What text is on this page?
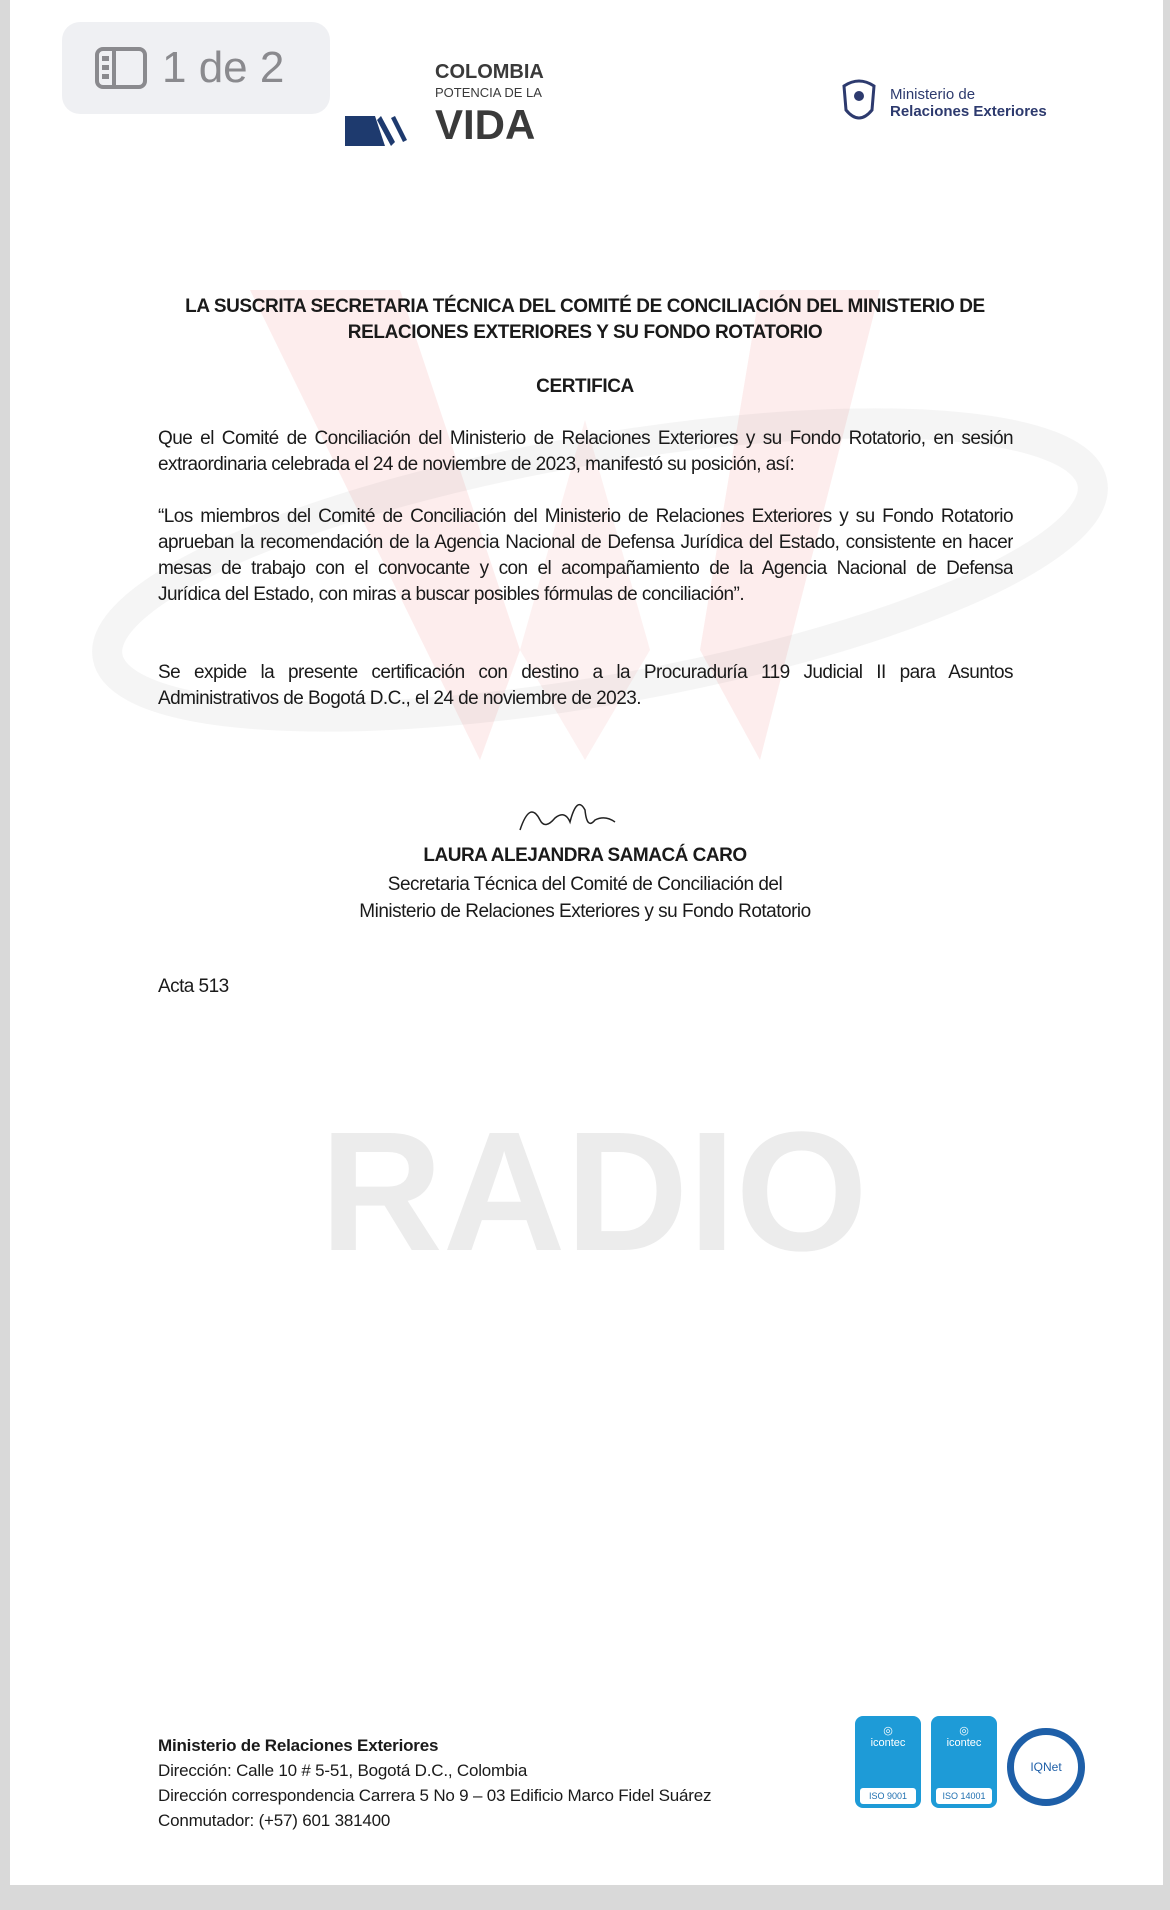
1 de 2	COLOMBIA
POTENCIA DE LA
VIDA
Ministerio de
Relaciones Exteriores
LA SUSCRITA SECRETARIA TÉCNICA DEL COMITÉ DE CONCILIACIÓN DEL MINISTERIO DE
RELACIONES EXTERIORES Y SU FONDO ROTATORIO
CERTIFICA
Que el Comité de Conciliación del Ministerio de Relaciones Exteriores y su Fondo Rotatorio, en sesión
extraordinaria celebrada el 24 de noviembre de 2023, manifestó su posición, así:
“Los miembros del Comité de Conciliación del Ministerio de Relaciones Exteriores y su Fondo Rotatorio
aprueban la recomendación de la Agencia Nacional de Defensa Jurídica del Estado, consistente en hacer
mesas de trabajo con el convocante y con el acompañamiento de la Agencia Nacional de Defensa
Jurídica del Estado, con miras a buscar posibles fórmulas de conciliación”.
Se expide la presente certificación con destino a la Procuraduría 119 Judicial II para Asuntos
Administrativos de Bogotá D.C., el 24 de noviembre de 2023.
LAURA ALEJANDRA SAMACÁ CARO
Secretaria Técnica del Comité de Conciliación del
Ministerio de Relaciones Exteriores y su Fondo Rotatorio
Acta 513
Ministerio de Relaciones Exteriores
Dirección: Calle 10 # 5-51, Bogotá D.C., Colombia
Dirección correspondencia Carrera 5 No 9 – 03 Edificio Marco Fidel Suárez
Conmutador: (+57) 601 381400
◎
icontec
ISO 9001
◎
icontec
ISO 14001
IQNet
